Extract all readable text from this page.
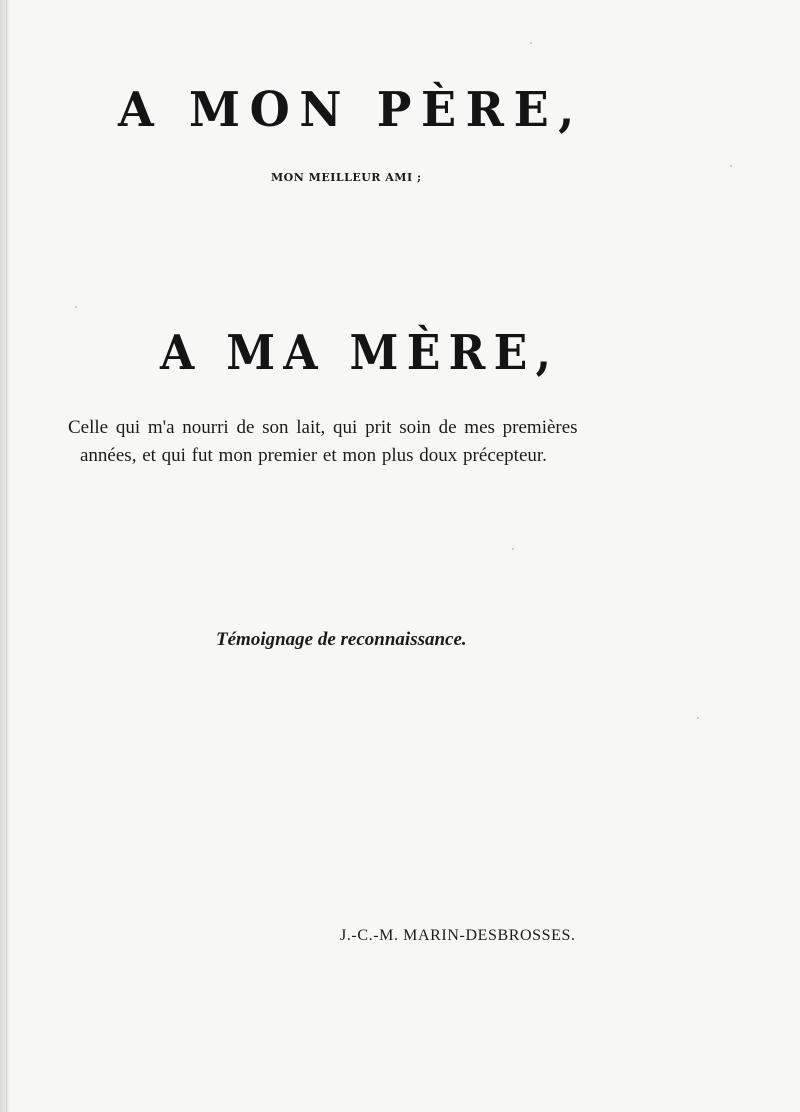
A MON PÈRE,
MON MEILLEUR AMI ;
A MA MÈRE,
Celle qui m'a nourri de son lait, qui prit soin de mes premières
années, et qui fut mon premier et mon plus doux précepteur.
Témoignage de reconnaissance.
J.-C.-M. MARIN-DESBROSSES.
